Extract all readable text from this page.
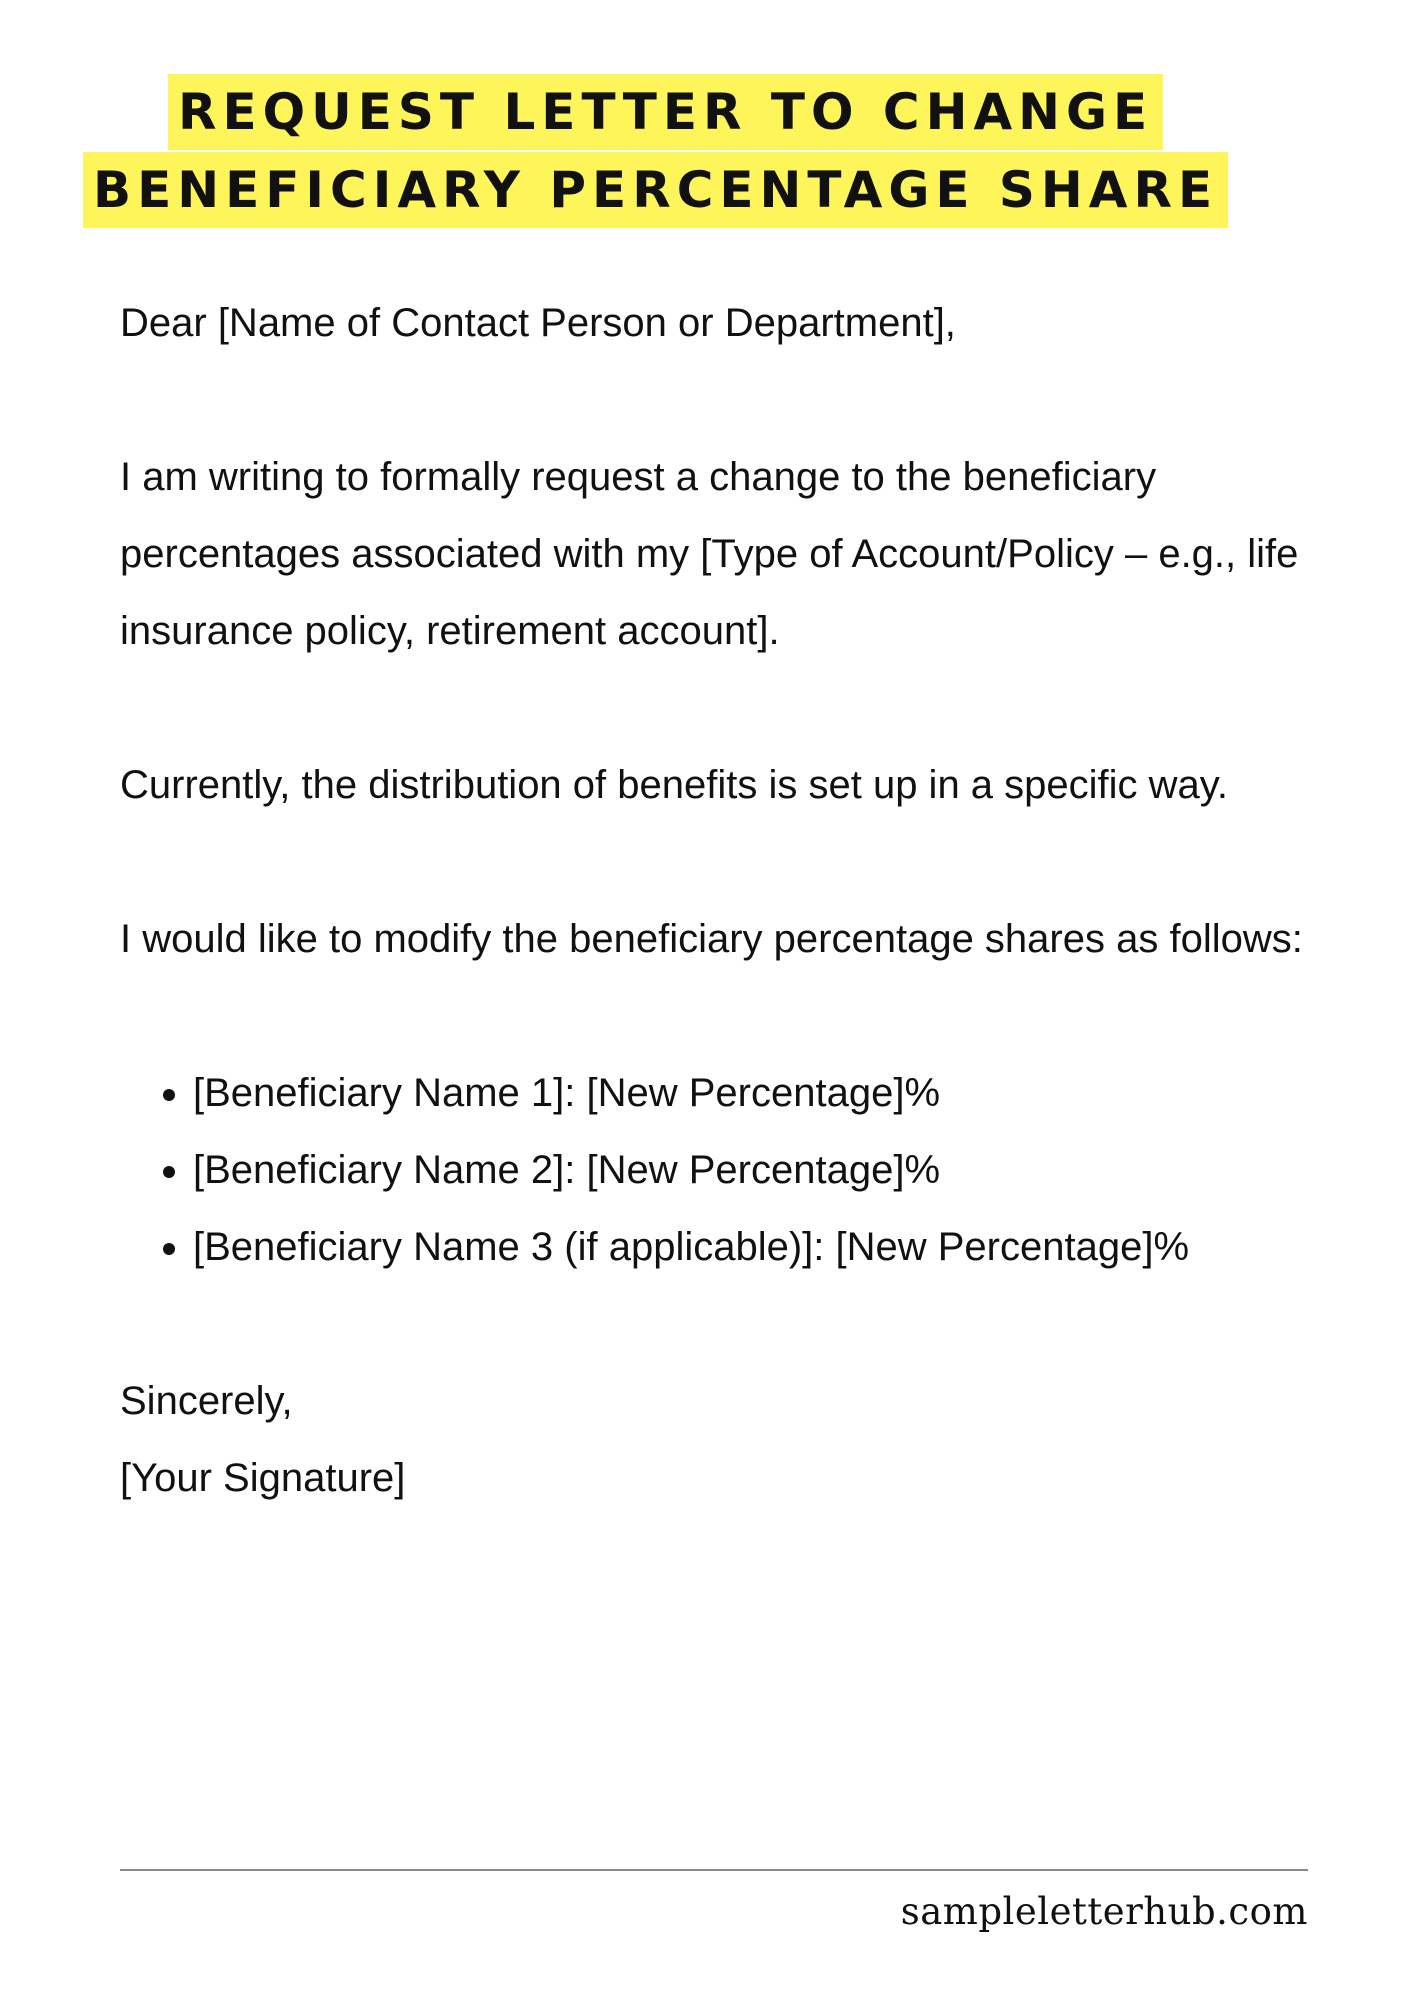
REQUEST LETTER TO CHANGE
BENEFICIARY PERCENTAGE SHARE

Dear [Name of Contact Person or Department],

I am writing to formally request a change to the beneficiary percentages associated with my [Type of Account/Policy – e.g., life insurance policy, retirement account].

Currently, the distribution of benefits is set up in a specific way.

I would like to modify the beneficiary percentage shares as follows:

• [Beneficiary Name 1]: [New Percentage]%
• [Beneficiary Name 2]: [New Percentage]%
• [Beneficiary Name 3 (if applicable)]: [New Percentage]%

Sincerely,

[Your Signature]

sampleletterhub.com
